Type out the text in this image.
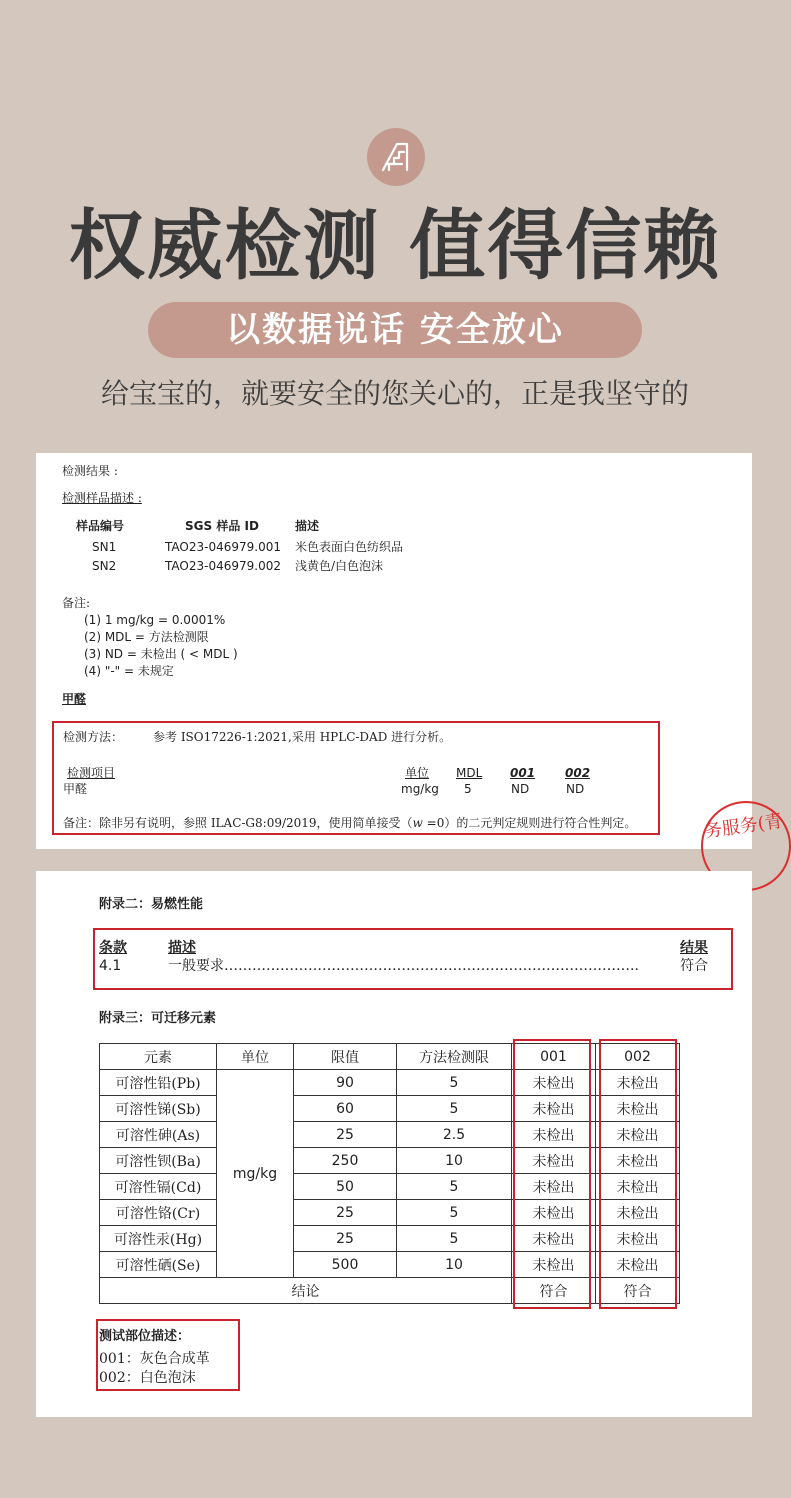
权威检测 值得信赖
以数据说话 安全放心
给宝宝的，就要安全的您关心的，正是我坚守的
检测结果 :
检测样品描述 :
样品编号	SGS 样品 ID	描述
SN1	TAO23-046979.001 米色表面白色纺织品
SN2	TAO23-046979.002 浅黄色/白色泡沫
备注:
(1) 1 mg/kg = 0.0001%
(2) MDL = 方法检测限
(3) ND = 未检出 ( < MDL )
(4) "-" = 未规定
甲醛
检测方法： 参考 ISO17226-1:2021,采用 HPLC-DAD 进行分析。
检测项目	单位 MDL 001 002
甲醛	mg/kg 5	ND	ND
备注：除非另有说明，参照 ILAC-G8:09/2019，使用简单接受（w =0）的二元判定规则进行符合性判定。	务服务(青
附录二：易燃性能
条款	描述	结果
4.1	一般要求……………………………………………………………………………..	符合
附录三：可迁移元素
元素	单位	限值	方法检测限	001	002
可溶性铅(Pb)	mg/kg	90	5	未检出	未检出
可溶性锑(Sb)		60	5	未检出	未检出
可溶性砷(As)		25	2.5	未检出	未检出
可溶性钡(Ba)		250	10	未检出	未检出
可溶性镉(Cd)		50	5	未检出	未检出
可溶性铬(Cr)		25	5	未检出	未检出
可溶性汞(Hg)		25	5	未检出	未检出
可溶性硒(Se)		500	10	未检出	未检出
结论				符合	符合
测试部位描述：
001：灰色合成革
002：白色泡沫
